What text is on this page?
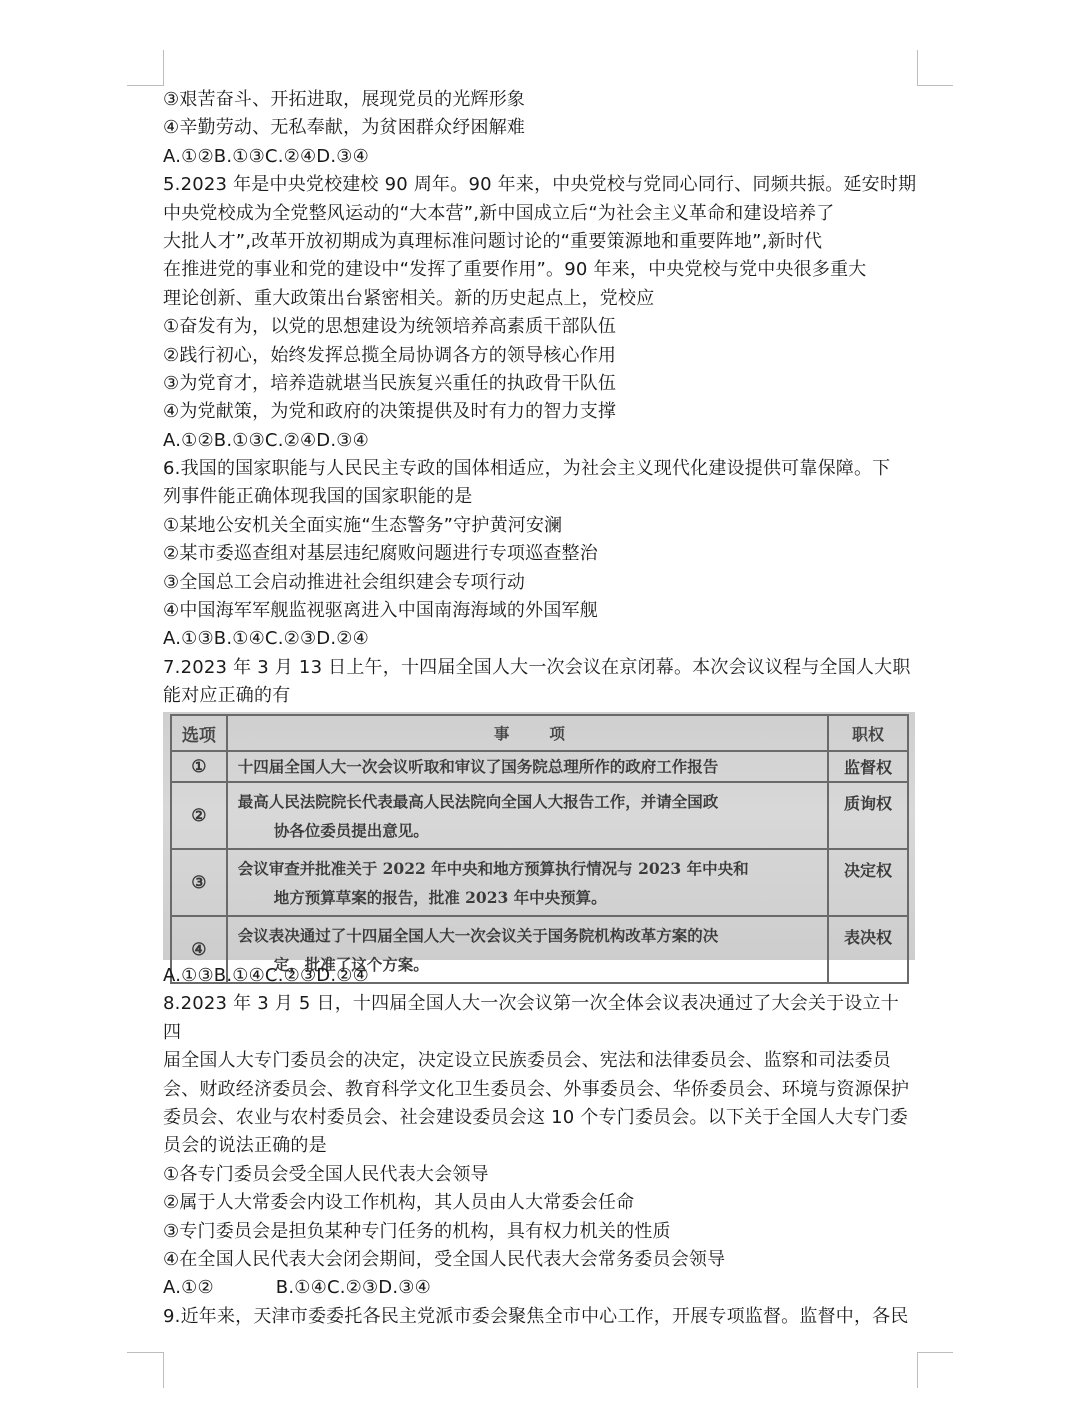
③艰苦奋斗、开拓进取，展现党员的光辉形象
④辛勤劳动、无私奉献，为贫困群众纾困解难
A.①②B.①③C.②④D.③④
5.2023 年是中央党校建校 90 周年。90 年来，中央党校与党同心同行、同频共振。延安时期
中央党校成为全党整风运动的“大本营”,新中国成立后“为社会主义革命和建设培养了
大批人才”,改革开放初期成为真理标准问题讨论的“重要策源地和重要阵地”,新时代
在推进党的事业和党的建设中“发挥了重要作用”。90 年来，中央党校与党中央很多重大
理论创新、重大政策出台紧密相关。新的历史起点上，党校应
①奋发有为，以党的思想建设为统领培养高素质干部队伍
②践行初心，始终发挥总揽全局协调各方的领导核心作用
③为党育才，培养造就堪当民族复兴重任的执政骨干队伍
④为党献策，为党和政府的决策提供及时有力的智力支撑
A.①②B.①③C.②④D.③④
6.我国的国家职能与人民民主专政的国体相适应，为社会主义现代化建设提供可靠保障。下
列事件能正确体现我国的国家职能的是
①某地公安机关全面实施“生态警务”守护黄河安澜
②某市委巡查组对基层违纪腐败问题进行专项巡查整治
③全国总工会启动推进社会组织建会专项行动
④中国海军军舰监视驱离进入中国南海海域的外国军舰
A.①③B.①④C.②③D.②④
7.2023 年 3 月 13 日上午，十四届全国人大一次会议在京闭幕。本次会议议程与全国人大职
能对应正确的有
选项	事项	职权
①	十四届全国人大一次会议听取和审议了国务院总理所作的政府工作报告	监督权
②	最高人民法院院长代表最高人民法院向全国人大报告工作，并请全国政
协各位委员提出意见。	质询权
③	会议审查并批准关于 2022 年中央和地方预算执行情况与 2023 年中央和
地方预算草案的报告，批准 2023 年中央预算。	决定权
④	会议表决通过了十四届全国人大一次会议关于国务院机构改革方案的决
定，批准了这个方案。	表决权
A.①③B.①④C.②③D.②④
8.2023 年 3 月 5 日，十四届全国人大一次会议第一次全体会议表决通过了大会关于设立十
四
届全国人大专门委员会的决定，决定设立民族委员会、宪法和法律委员会、监察和司法委员
会、财政经济委员会、教育科学文化卫生委员会、外事委员会、华侨委员会、环境与资源保护
委员会、农业与农村委员会、社会建设委员会这 10 个专门委员会。以下关于全国人大专门委
员会的说法正确的是
①各专门委员会受全国人民代表大会领导
②属于人大常委会内设工作机构，其人员由人大常委会任命
③专门委员会是担负某种专门任务的机构，具有权力机关的性质
④在全国人民代表大会闭会期间，受全国人民代表大会常务委员会领导
A.①②	B.①④C.②③D.③④
9.近年来，天津市委委托各民主党派市委会聚焦全市中心工作，开展专项监督。监督中，各民
